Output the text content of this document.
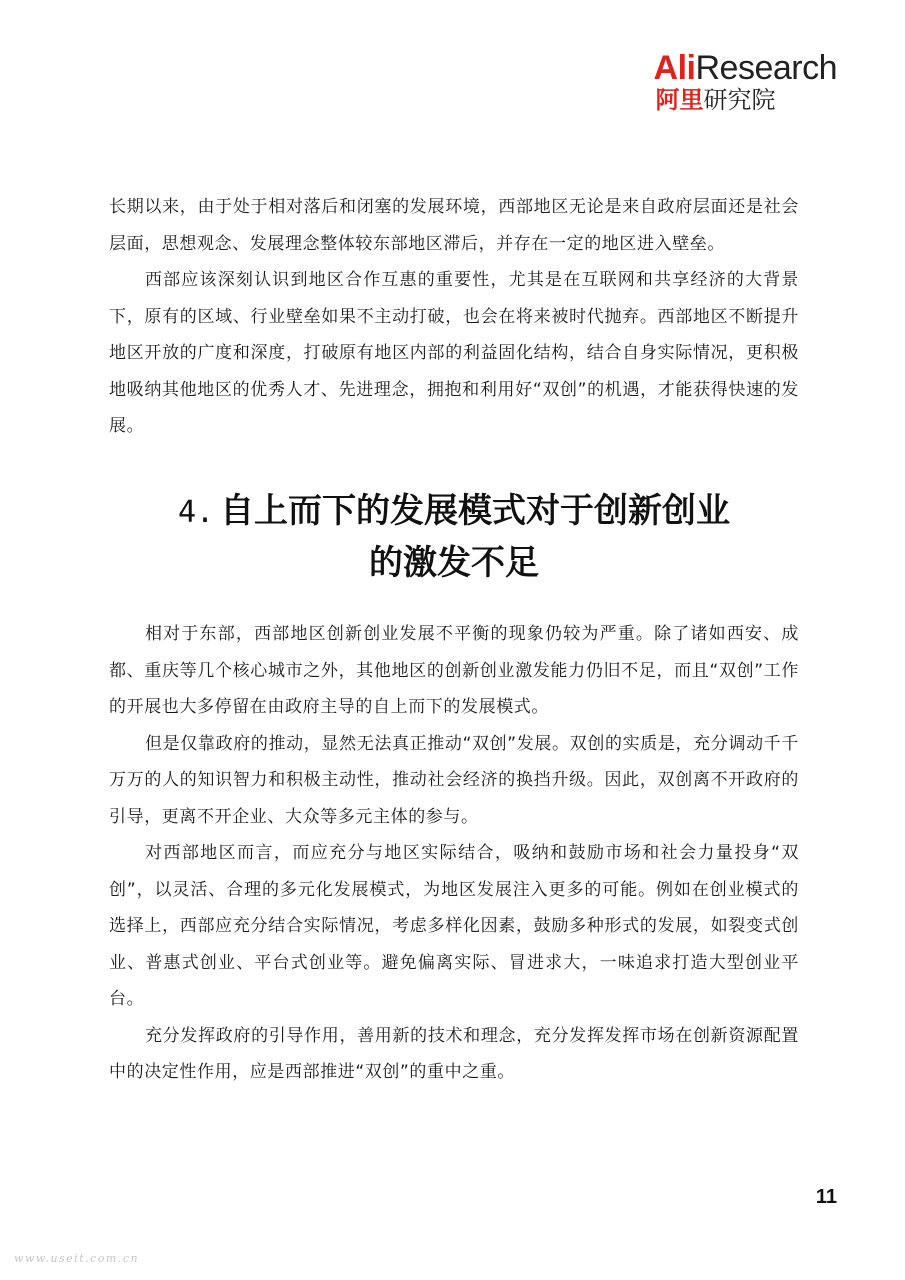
AliResearch
阿里研究院

长期以来，由于处于相对落后和闭塞的发展环境，西部地区无论是来自政府层面还是社会层面，思想观念、发展理念整体较东部地区滞后，并存在一定的地区进入壁垒。

西部应该深刻认识到地区合作互惠的重要性，尤其是在互联网和共享经济的大背景下，原有的区域、行业壁垒如果不主动打破，也会在将来被时代抛弃。西部地区不断提升地区开放的广度和深度，打破原有地区内部的利益固化结构，结合自身实际情况，更积极地吸纳其他地区的优秀人才、先进理念，拥抱和利用好“双创”的机遇，才能获得快速的发展。

4. 自上而下的发展模式对于创新创业
的激发不足

相对于东部，西部地区创新创业发展不平衡的现象仍较为严重。除了诸如西安、成都、重庆等几个核心城市之外，其他地区的创新创业激发能力仍旧不足，而且“双创”工作的开展也大多停留在由政府主导的自上而下的发展模式。

但是仅靠政府的推动，显然无法真正推动“双创”发展。双创的实质是，充分调动千千万万的人的知识智力和积极主动性，推动社会经济的换挡升级。因此，双创离不开政府的引导，更离不开企业、大众等多元主体的参与。

对西部地区而言，而应充分与地区实际结合，吸纳和鼓励市场和社会力量投身“双创”，以灵活、合理的多元化发展模式，为地区发展注入更多的可能。例如在创业模式的选择上，西部应充分结合实际情况，考虑多样化因素，鼓励多种形式的发展，如裂变式创业、普惠式创业、平台式创业等。避免偏离实际、冒进求大，一味追求打造大型创业平台。

充分发挥政府的引导作用，善用新的技术和理念，充分发挥发挥市场在创新资源配置中的决定性作用，应是西部推进“双创”的重中之重。

11
www.useit.com.cn
